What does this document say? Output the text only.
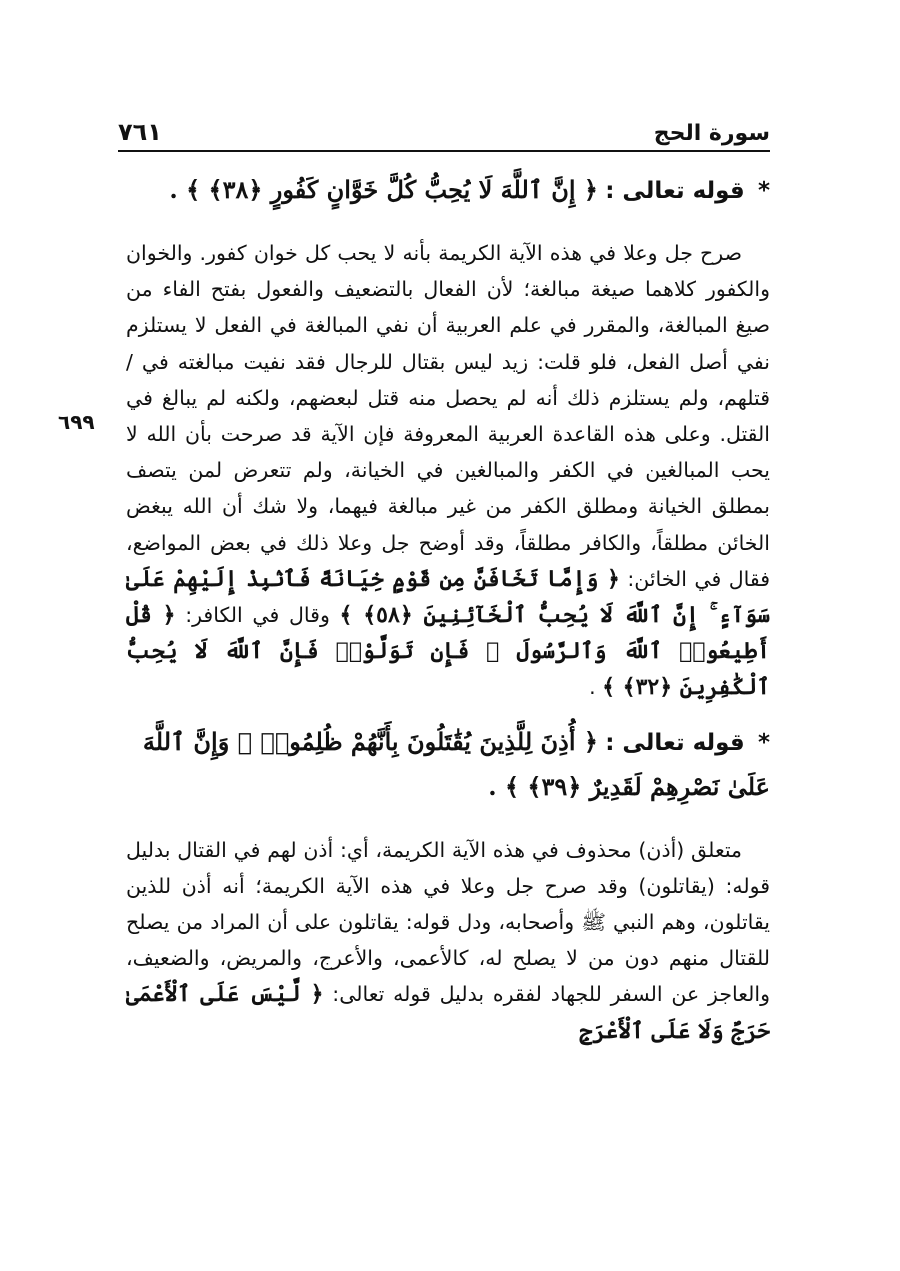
سورة الحج
٧٦١
٦٩٩

* قوله تعالى : ﴿ إِنَّ ٱللَّهَ لَا يُحِبُّ كُلَّ خَوَّانٍ كَفُورٍ ﴿٣٨﴾ ﴾ .

صرح جل وعلا في هذه الآية الكريمة بأنه لا يحب كل خوان كفور. والخوان والكفور كلاهما صيغة مبالغة؛ لأن الفعال بالتضعيف والفعول بفتح الفاء من صيغ المبالغة، والمقرر في علم العربية أن نفي المبالغة في الفعل لا يستلزم نفي أصل الفعل، فلو قلت: زيد ليس بقتال للرجال فقد نفيت مبالغته في / قتلهم، ولم يستلزم ذلك أنه لم يحصل منه قتل لبعضهم، ولكنه لم يبالغ في القتل. وعلى هذه القاعدة العربية المعروفة فإن الآية قد صرحت بأن الله لا يحب المبالغين في الكفر والمبالغين في الخيانة، ولم تتعرض لمن يتصف بمطلق الخيانة ومطلق الكفر من غير مبالغة فيهما، ولا شك أن الله يبغض الخائن مطلقاً، والكافر مطلقاً، وقد أوضح جل وعلا ذلك في بعض المواضع، فقال في الخائن: ﴿ وَإِمَّا تَخَافَنَّ مِن قَوْمٍ خِيَانَةً فَٱنۢبِذْ إِلَيْهِمْ عَلَىٰ سَوَآءٍ ۚ إِنَّ ٱللَّهَ لَا يُحِبُّ ٱلْخَآئِنِينَ ﴿٥٨﴾ ﴾ وقال في الكافر: ﴿ قُلْ أَطِيعُوا۟ ٱللَّهَ وَٱلرَّسُولَ ۖ فَإِن تَوَلَّوْا۟ فَإِنَّ ٱللَّهَ لَا يُحِبُّ ٱلْكَٰفِرِينَ ﴿٣٢﴾ ﴾ .

* قوله تعالى : ﴿ أُذِنَ لِلَّذِينَ يُقَٰتَلُونَ بِأَنَّهُمْ ظُلِمُوا۟ ۚ وَإِنَّ ٱللَّهَ عَلَىٰ نَصْرِهِمْ لَقَدِيرٌ ﴿٣٩﴾ ﴾ .

متعلق (أذن) محذوف في هذه الآية الكريمة، أي: أذن لهم في القتال بدليل قوله: (يقاتلون) وقد صرح جل وعلا في هذه الآية الكريمة؛ أنه أذن للذين يقاتلون، وهم النبي ﷺ وأصحابه، ودل قوله: يقاتلون على أن المراد من يصلح للقتال منهم دون من لا يصلح له، كالأعمى، والأعرج، والمريض، والضعيف، والعاجز عن السفر للجهاد لفقره بدليل قوله تعالى: ﴿ لَّيْسَ عَلَى ٱلْأَعْمَىٰ حَرَجٌ وَلَا عَلَى ٱلْأَعْرَجِ
